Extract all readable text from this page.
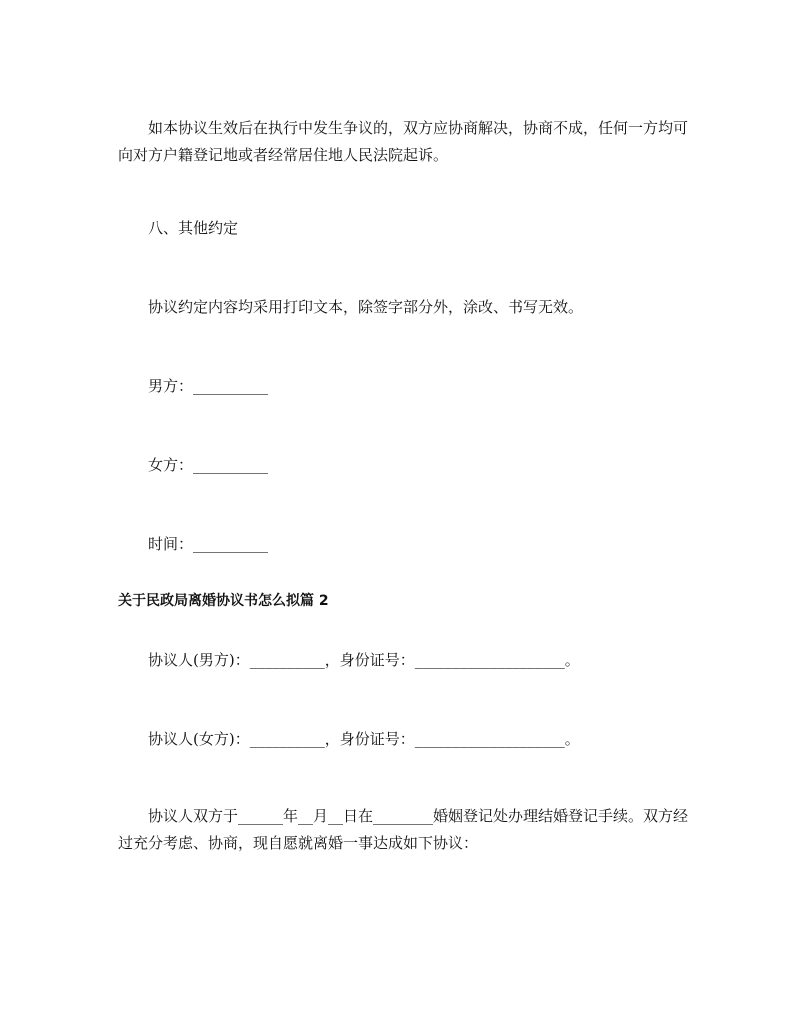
如本协议生效后在执行中发生争议的，双方应协商解决，协商不成，任何一方均可向对方户籍登记地或者经常居住地人民法院起诉。

八、其他约定

协议约定内容均采用打印文本，除签字部分外，涂改、书写无效。

男方：__________

女方：__________

时间：__________

关于民政局离婚协议书怎么拟篇 2

协议人(男方)：__________，身份证号：____________________。

协议人(女方)：__________，身份证号：____________________。

协议人双方于______年__月__日在________婚姻登记处办理结婚登记手续。双方经过充分考虑、协商，现自愿就离婚一事达成如下协议：
